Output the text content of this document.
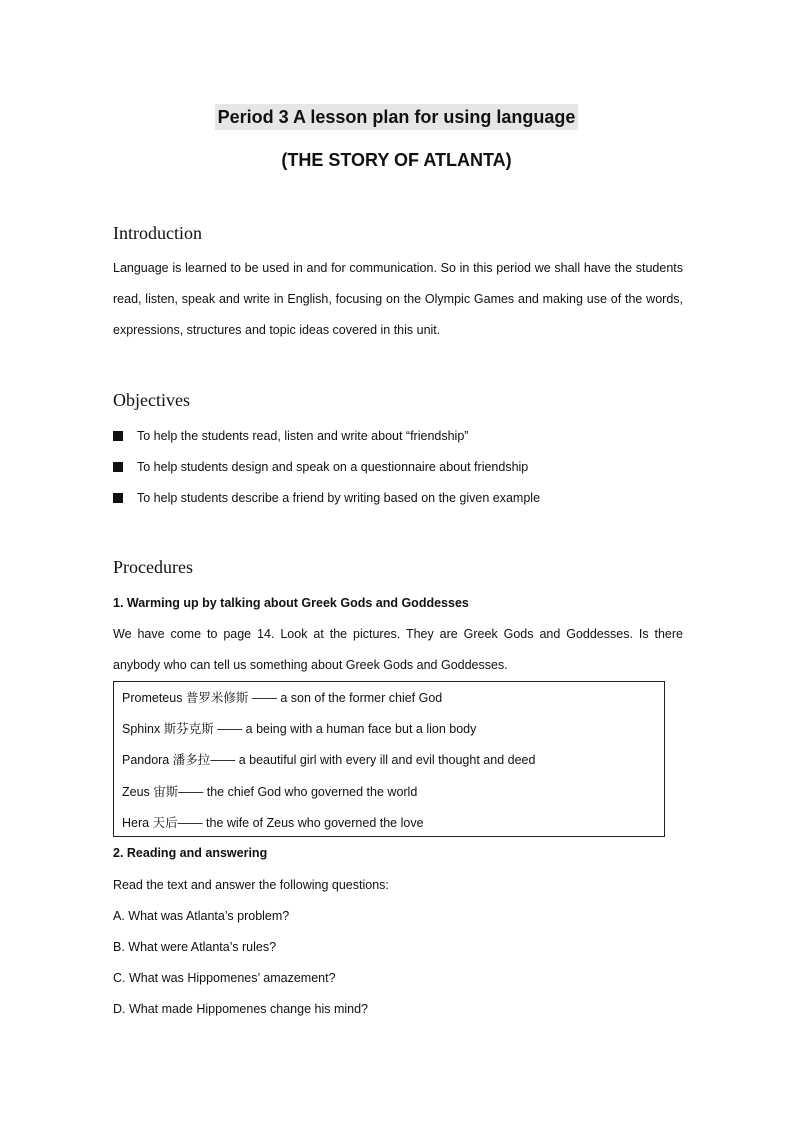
Period 3 A lesson plan for using language
(THE STORY OF ATLANTA)
Introduction
Language is learned to be used in and for communication. So in this period we shall have the students read, listen, speak and write in English, focusing on the Olympic Games and making use of the words, expressions, structures and topic ideas covered in this unit.
Objectives
To help the students read, listen and write about “friendship”
To help students design and speak on a questionnaire about friendship
To help students describe a friend by writing based on the given example
Procedures
1. Warming up by talking about Greek Gods and Goddesses
We have come to page 14. Look at the pictures. They are Greek Gods and Goddesses. Is there anybody who can tell us something about Greek Gods and Goddesses.
Prometeus 普罗米修斯 —— a son of the former chief God
Sphinx 斯芬克斯 —— a being with a human face but a lion body
Pandora 潘多拉—— a beautiful girl with every ill and evil thought and deed
Zeus 宙斯—— the chief God who governed the world
Hera 天后—— the wife of Zeus who governed the love
2. Reading and answering
Read the text and answer the following questions:
A. What was Atlanta’s problem?
B. What were Atlanta’s rules?
C. What was Hippomenes’ amazement?
D. What made Hippomenes change his mind?
